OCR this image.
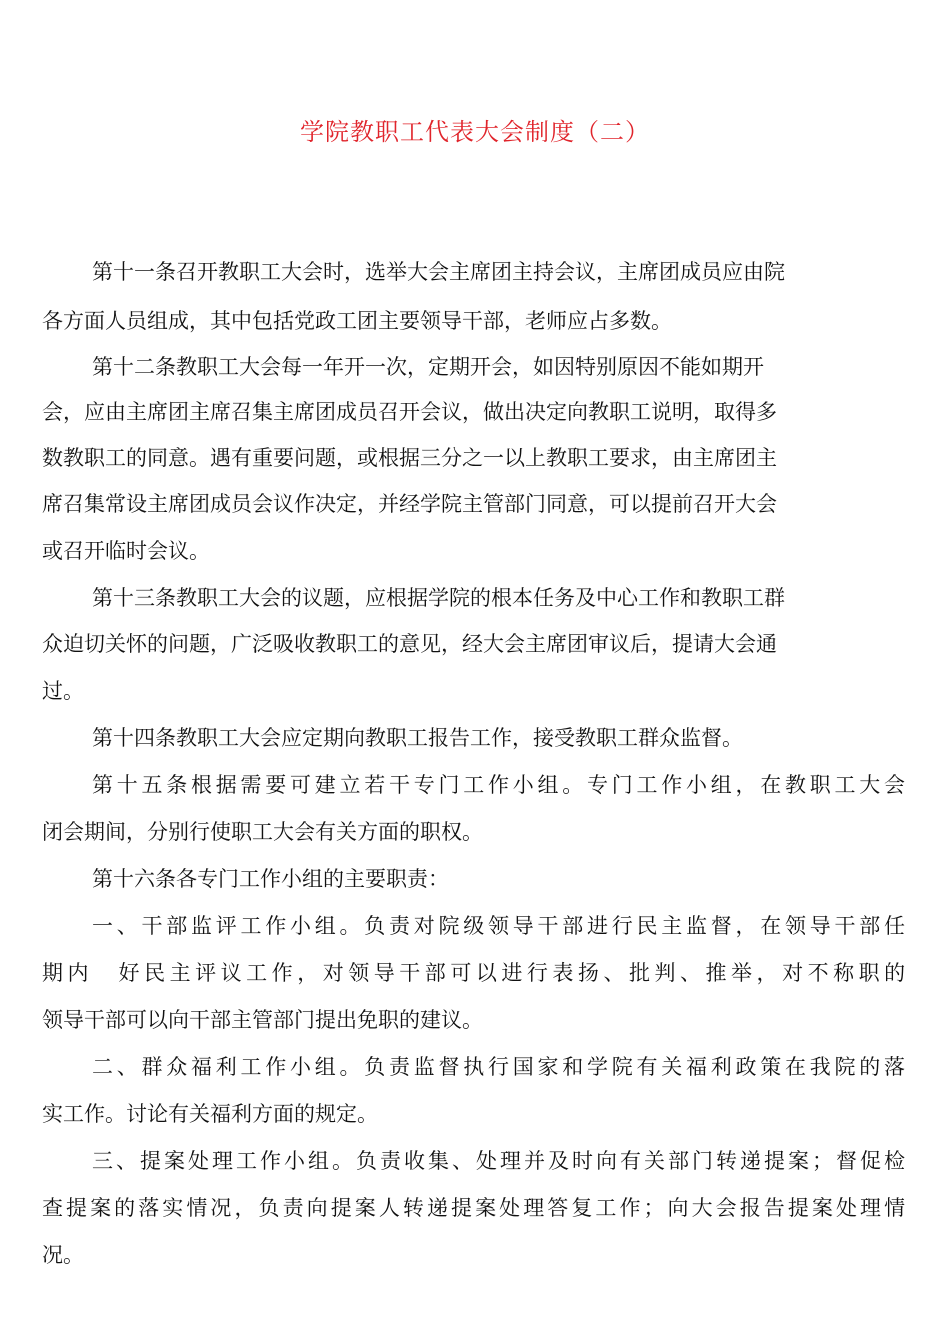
学院教职工代表大会制度（二）
第十一条召开教职工大会时，选举大会主席团主持会议，主席团成员应由院
各方面人员组成，其中包括党政工团主要领导干部，老师应占多数。
第十二条教职工大会每一年开一次，定期开会，如因特别原因不能如期开
会，应由主席团主席召集主席团成员召开会议，做出决定向教职工说明，取得多
数教职工的同意。遇有重要问题，或根据三分之一以上教职工要求，由主席团主
席召集常设主席团成员会议作决定，并经学院主管部门同意，可以提前召开大会
或召开临时会议。
第十三条教职工大会的议题，应根据学院的根本任务及中心工作和教职工群
众迫切关怀的问题，广泛吸收教职工的意见，经大会主席团审议后，提请大会通
过。
第十四条教职工大会应定期向教职工报告工作，接受教职工群众监督。
第十五条根据需要可建立若干专门工作小组。专门工作小组，在教职工大会
闭会期间，分别行使职工大会有关方面的职权。
第十六条各专门工作小组的主要职责：
一、干部监评工作小组。负责对院级领导干部进行民主监督，在领导干部任
期内　好民主评议工作，对领导干部可以进行表扬、批判、推举，对不称职的
领导干部可以向干部主管部门提出免职的建议。
二、群众福利工作小组。负责监督执行国家和学院有关福利政策在我院的落
实工作。讨论有关福利方面的规定。
三、提案处理工作小组。负责收集、处理并及时向有关部门转递提案；督促检
查提案的落实情况，负责向提案人转递提案处理答复工作；向大会报告提案处理情
况。
